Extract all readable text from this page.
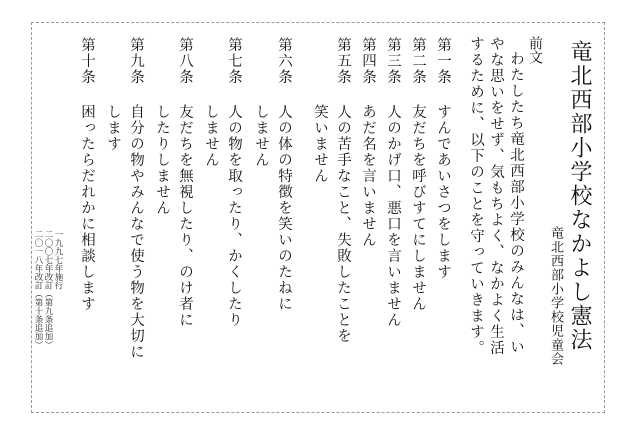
竜北西部小学校なかよし憲法
竜北西部小学校児童会
前文
わたしたち竜北西部小学校のみんなは、い
やな思いをせず、気もちよく、なかよく生活
するために、以下のことを守っていきます。
第一条
すんであいさつをします
第二条
友だちを呼びすてにしません
第三条
人のかげ口、悪口を言いません
第四条
あだ名を言いません
第五条
人の苦手なこと、失敗したことを
笑いません
第六条
人の体の特徴を笑いのたねに
しません
第七条
人の物を取ったり、かくしたり
しません
第八条
友だちを無視したり、のけ者に
したりしません
第九条
自分の物やみんなで使う物を大切に
します
第十条
困ったらだれかに相談します
一九九七年施行
二〇〇七年改訂（第九条追加）
二〇一八年改訂（第十条追加）
